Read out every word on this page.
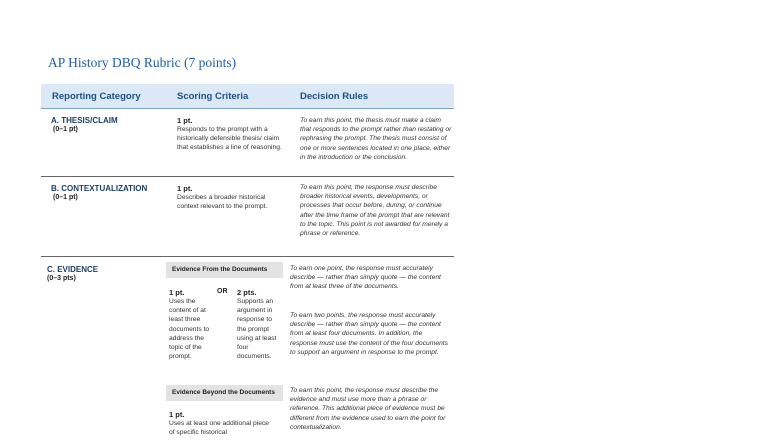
AP History DBQ Rubric (7 points)
Reporting Category	Scoring Criteria	Decision Rules
A. THESIS/CLAIM
(0–1 pt)
1 pt.
Responds to the prompt with a historically defensible thesis/ claim that establishes a line of reasoning.
To earn this point, the thesis must make a claim that responds to the prompt rather than restating or rephrasing the prompt. The thesis must consist of one or more sentences located in one place, either in the introduction or the conclusion.
B. CONTEXTUALIZATION
(0–1 pt)
1 pt.
Describes a broader historical context relevant to the prompt.
To earn this point, the response must describe broader historical events, developments, or processes that occur before, during, or continue after the time frame of the prompt that are relevant to the topic. This point is not awarded for merely a phrase or reference.
C. EVIDENCE
(0–3 pts)
Evidence From the Documents
1 pt.
Uses the content of at least three documents to address the topic of the prompt.
OR 2 pts.
Supports an argument in response to the prompt using at least four documents.
To earn one point, the response must accurately describe — rather than simply quote — the content from at least three of the documents.
To earn two points, the response must accurately describe — rather than simply quote — the content from at least four documents. In addition, the response must use the content of the four documents to support an argument in response to the prompt.
Evidence Beyond the Documents
1 pt.
Uses at least one additional piece of specific historical
To earn this point, the response must describe the evidence and must use more than a phrase or reference. This additional piece of evidence must be different from the evidence used to earn the point for contextualization.
